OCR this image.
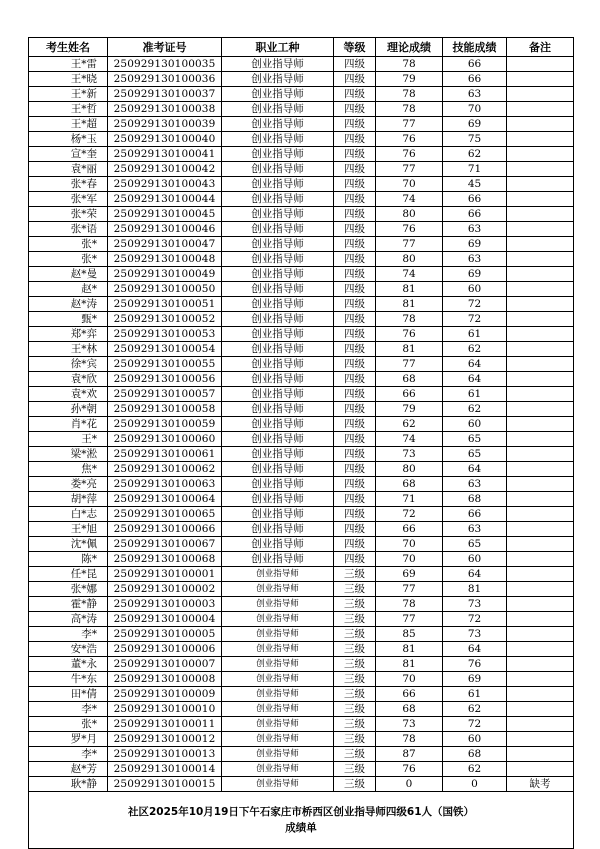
考生姓名	准考证号	职业工种	等级	理论成绩	技能成绩	备注
王*雷	250929130100035	创业指导师	四级	78	66	
王*晓	250929130100036	创业指导师	四级	79	66	
王*新	250929130100037	创业指导师	四级	78	63	
王*哲	250929130100038	创业指导师	四级	78	70	
王*超	250929130100039	创业指导师	四级	77	69	
杨*玉	250929130100040	创业指导师	四级	76	75	
宣*奎	250929130100041	创业指导师	四级	76	62	
袁*丽	250929130100042	创业指导师	四级	77	71	
张*春	250929130100043	创业指导师	四级	70	45	
张*军	250929130100044	创业指导师	四级	74	66	
张*荣	250929130100045	创业指导师	四级	80	66	
张*语	250929130100046	创业指导师	四级	76	63	
张*	250929130100047	创业指导师	四级	77	69	
张*	250929130100048	创业指导师	四级	80	63	
赵*曼	250929130100049	创业指导师	四级	74	69	
赵*	250929130100050	创业指导师	四级	81	60	
赵*涛	250929130100051	创业指导师	四级	81	72	
甄*	250929130100052	创业指导师	四级	78	72	
郑*弈	250929130100053	创业指导师	四级	76	61	
王*林	250929130100054	创业指导师	四级	81	62	
徐*宾	250929130100055	创业指导师	四级	77	64	
袁*欣	250929130100056	创业指导师	四级	68	64	
袁*欢	250929130100057	创业指导师	四级	66	61	
孙*朝	250929130100058	创业指导师	四级	79	62	
肖*花	250929130100059	创业指导师	四级	62	60	
王*	250929130100060	创业指导师	四级	74	65	
梁*淞	250929130100061	创业指导师	四级	73	65	
焦*	250929130100062	创业指导师	四级	80	64	
娄*亮	250929130100063	创业指导师	四级	68	63	
胡*萍	250929130100064	创业指导师	四级	71	68	
白*志	250929130100065	创业指导师	四级	72	66	
王*旭	250929130100066	创业指导师	四级	66	63	
沈*佩	250929130100067	创业指导师	四级	70	65	
陈*	250929130100068	创业指导师	四级	70	60	
任*昆	250929130100001	创业指导师	三级	69	64	
张*娜	250929130100002	创业指导师	三级	77	81	
霍*静	250929130100003	创业指导师	三级	78	73	
高*涛	250929130100004	创业指导师	三级	77	72	
李*	250929130100005	创业指导师	三级	85	73	
安*浩	250929130100006	创业指导师	三级	81	64	
董*永	250929130100007	创业指导师	三级	81	76	
牛*东	250929130100008	创业指导师	三级	70	69	
田*倩	250929130100009	创业指导师	三级	66	61	
李*	250929130100010	创业指导师	三级	68	62	
张*	250929130100011	创业指导师	三级	73	72	
罗*月	250929130100012	创业指导师	三级	78	60	
李*	250929130100013	创业指导师	三级	87	68	
赵*芳	250929130100014	创业指导师	三级	76	62	
耿*静	250929130100015	创业指导师	三级	0	0	缺考

社区2025年10月19日下午石家庄市桥西区创业指导师四级61人（国铁）
成绩单						
